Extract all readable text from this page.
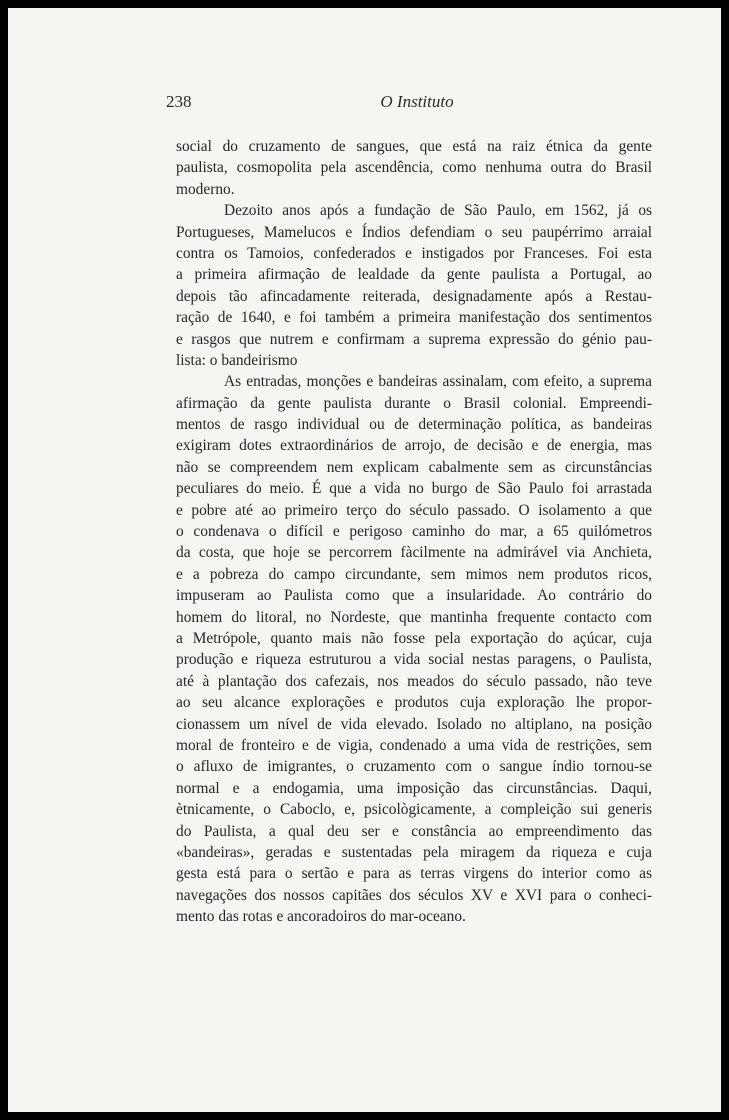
238	O Instituto
social do cruzamento de sangues, que está na raiz étnica da gente
paulista, cosmopolita pela ascendência, como nenhuma outra do Brasil
moderno.
Dezoito anos após a fundação de São Paulo, em 1562, já os
Portugueses, Mamelucos e Índios defendiam o seu paupérrimo arraial
contra os Tamoios, confederados e instigados por Franceses. Foi esta
a primeira afirmação de lealdade da gente paulista a Portugal, ao
depois tão afincadamente reiterada, designadamente após a Restau-
ração de 1640, e foi também a primeira manifestação dos sentimentos
e rasgos que nutrem e confirmam a suprema expressão do génio pau-
lista: o bandeirismo
As entradas, monções e bandeiras assinalam, com efeito, a suprema
afirmação da gente paulista durante o Brasil colonial. Empreendi-
mentos de rasgo individual ou de determinação política, as bandeiras
exigiram dotes extraordinários de arrojo, de decisão e de energia, mas
não se compreendem nem explicam cabalmente sem as circunstâncias
peculiares do meio. É que a vida no burgo de São Paulo foi arrastada
e pobre até ao primeiro terço do século passado. O isolamento a que
o condenava o difícil e perigoso caminho do mar, a 65 quilómetros
da costa, que hoje se percorrem fàcilmente na admirável via Anchieta,
e a pobreza do campo circundante, sem mimos nem produtos ricos,
impuseram ao Paulista como que a insularidade. Ao contrário do
homem do litoral, no Nordeste, que mantinha frequente contacto com
a Metrópole, quanto mais não fosse pela exportação do açúcar, cuja
produção e riqueza estruturou a vida social nestas paragens, o Paulista,
até à plantação dos cafezais, nos meados do século passado, não teve
ao seu alcance explorações e produtos cuja exploração lhe propor-
cionassem um nível de vida elevado. Isolado no altiplano, na posição
moral de fronteiro e de vigia, condenado a uma vida de restrições, sem
o afluxo de imigrantes, o cruzamento com o sangue índio tornou-se
normal e a endogamia, uma imposição das circunstâncias. Daqui,
ètnicamente, o Caboclo, e, psicològicamente, a compleição sui generis
do Paulista, a qual deu ser e constância ao empreendimento das
«bandeiras», geradas e sustentadas pela miragem da riqueza e cuja
gesta está para o sertão e para as terras virgens do interior como as
navegações dos nossos capitães dos séculos XV e XVI para o conheci-
mento das rotas e ancoradoiros do mar-oceano.
